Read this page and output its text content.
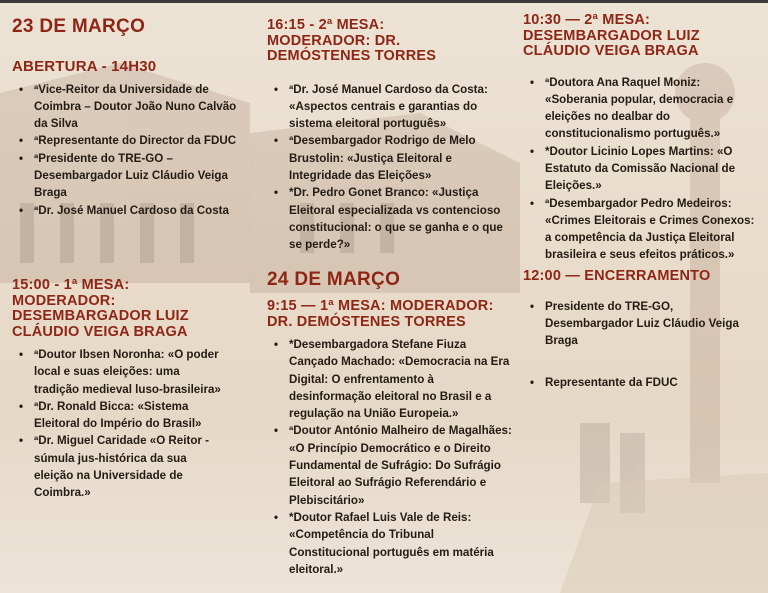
23 DE MARÇO
ABERTURA - 14H30
• ªVice-Reitor da Universidade de Coimbra – Doutor João Nuno Calvão da Silva
• ªRepresentante do Director da FDUC
• ªPresidente do TRE-GO – Desembargador Luiz Cláudio Veiga Braga
• ªDr. José Manuel Cardoso da Costa
15:00 - 1ª MESA: MODERADOR: DESEMBARGADOR LUIZ CLÁUDIO VEIGA BRAGA
• ªDoutor Ibsen Noronha: «O poder local e suas eleições: uma tradição medieval luso-brasileira»
• ªDr. Ronald Bicca: «Sistema Eleitoral do Império do Brasil»
• ªDr. Miguel Caridade «O Reitor - súmula jus-histórica da sua eleição na Universidade de Coimbra.»
16:15 - 2ª MESA: MODERADOR: DR. DEMÓSTENES TORRES
• ªDr. José Manuel Cardoso da Costa: «Aspectos centrais e garantias do sistema eleitoral português»
• ªDesembargador Rodrigo de Melo Brustolin: «Justiça Eleitoral e Integridade das Eleições»
• *Dr. Pedro Gonet Branco: «Justiça Eleitoral especializada vs contencioso constitucional: o que se ganha e o que se perde?»
24 DE MARÇO
9:15 — 1ª MESA: MODERADOR: DR. DEMÓSTENES TORRES
• *Desembargadora Stefane Fiuza Cançado Machado: «Democracia na Era Digital: O enfrentamento à desinformação eleitoral no Brasil e a regulação na União Europeia.»
• ªDoutor António Malheiro de Magalhães: «O Princípio Democrático e o Direito Fundamental de Sufrágio: Do Sufrágio Eleitoral ao Sufrágio Referendário e Plebiscitário»
• *Doutor Rafael Luis Vale de Reis: «Competência do Tribunal Constitucional português em matéria eleitoral.»
10:30 — 2ª MESA: DESEMBARGADOR LUIZ CLÁUDIO VEIGA BRAGA
• ªDoutora Ana Raquel Moniz: «Soberania popular, democracia e eleições no dealbar do constitucionalismo português.»
• *Doutor Licinio Lopes Martins: «O Estatuto da Comissão Nacional de Eleições.»
• ªDesembargador Pedro Medeiros: «Crimes Eleitorais e Crimes Conexos: a competência da Justiça Eleitoral brasileira e seus efeitos práticos.»
12:00 — ENCERRAMENTO
• Presidente do TRE-GO, Desembargador Luiz Cláudio Veiga Braga
• Representante da FDUC
